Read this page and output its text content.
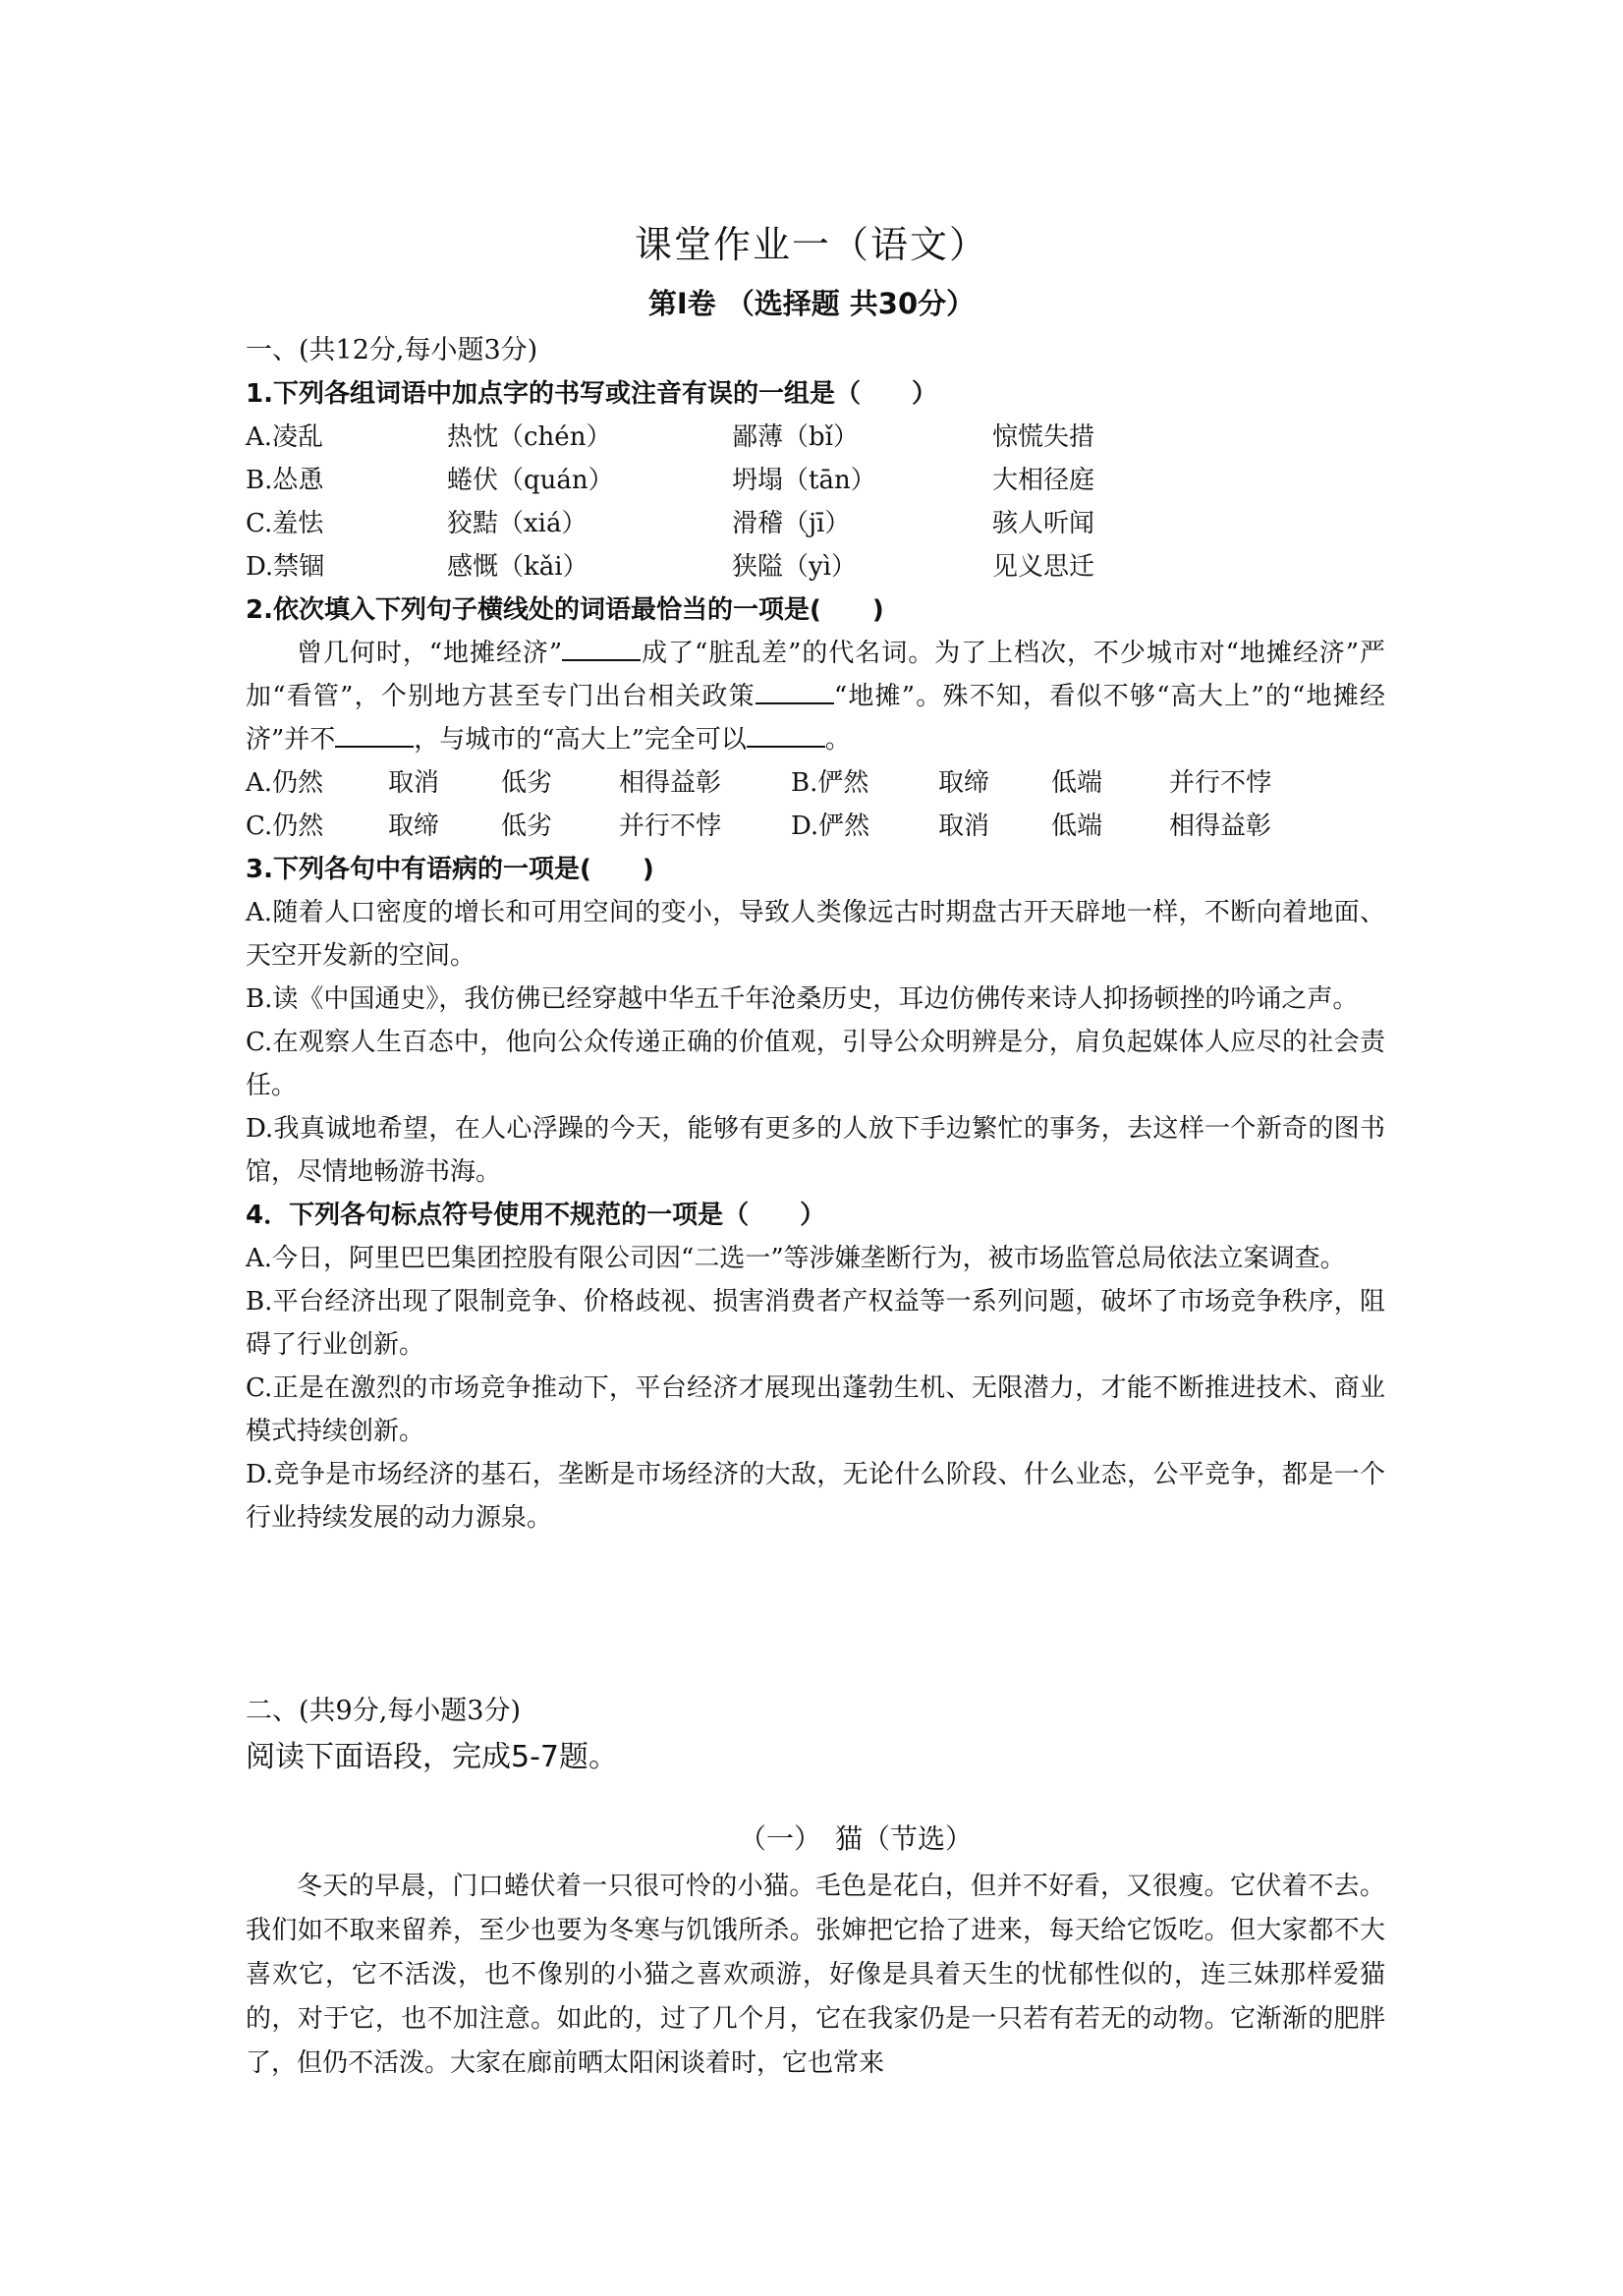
课堂作业一（语文）
第Ⅰ卷 （选择题 共30分）
一、(共12分,每小题3分)
1.下列各组词语中加点字的书写或注音有误的一组是（　　）
A.凌乱	热忱（chén）	鄙薄（bǐ）	惊慌失措
B.怂恿	蜷伏（quán）	坍塌（tān）	大相径庭
C.羞怯	狡黠（xiá）	滑稽（jī）	骇人听闻
D.禁锢	感慨（kǎi）	狭隘（yì）	见义思迁
2.依次填入下列句子横线处的词语最恰当的一项是(　　)
曾几何时，“地摊经济”	成了“脏乱差”的代名词。为了上档次，不少城市对“地摊经济”严加“看管”，个别地方甚至专门出台相关政策	“地摊”。殊不知，看似不够“高大上”的“地摊经济”并不	，与城市的“高大上”完全可以	。
A.仍然	取消	低劣	相得益彰	B.俨然	取缔	低端	并行不悖
C.仍然	取缔	低劣	并行不悖	D.俨然	取消	低端	相得益彰
3.下列各句中有语病的一项是(　　)
A.随着人口密度的增长和可用空间的变小，导致人类像远古时期盘古开天辟地一样，不断向着地面、天空开发新的空间。
B.读《中国通史》，我仿佛已经穿越中华五千年沧桑历史，耳边仿佛传来诗人抑扬顿挫的吟诵之声。
C.在观察人生百态中，他向公众传递正确的价值观，引导公众明辨是分，肩负起媒体人应尽的社会责任。
D.我真诚地希望，在人心浮躁的今天，能够有更多的人放下手边繁忙的事务，去这样一个新奇的图书馆，尽情地畅游书海。
4．下列各句标点符号使用不规范的一项是（　　）
A.今日，阿里巴巴集团控股有限公司因“二选一”等涉嫌垄断行为，被市场监管总局依法立案调查。
B.平台经济出现了限制竞争、价格歧视、损害消费者产权益等一系列问题，破坏了市场竞争秩序，阻碍了行业创新。
C.正是在激烈的市场竞争推动下，平台经济才展现出蓬勃生机、无限潜力，才能不断推进技术、商业模式持续创新。
D.竞争是市场经济的基石，垄断是市场经济的大敌，无论什么阶段、什么业态，公平竞争，都是一个行业持续发展的动力源泉。
二、(共9分,每小题3分)
阅读下面语段，完成5-7题。
（一）　猫（节选）
冬天的早晨，门口蜷伏着一只很可怜的小猫。毛色是花白，但并不好看，又很瘦。它伏着不去。我们如不取来留养，至少也要为冬寒与饥饿所杀。张婶把它拾了进来，每天给它饭吃。但大家都不大喜欢它，它不活泼，也不像别的小猫之喜欢顽游，好像是具着天生的忧郁性似的，连三妹那样爱猫的，对于它，也不加注意。如此的，过了几个月，它在我家仍是一只若有若无的动物。它渐渐的肥胖了，但仍不活泼。大家在廊前晒太阳闲谈着时，它也常来
